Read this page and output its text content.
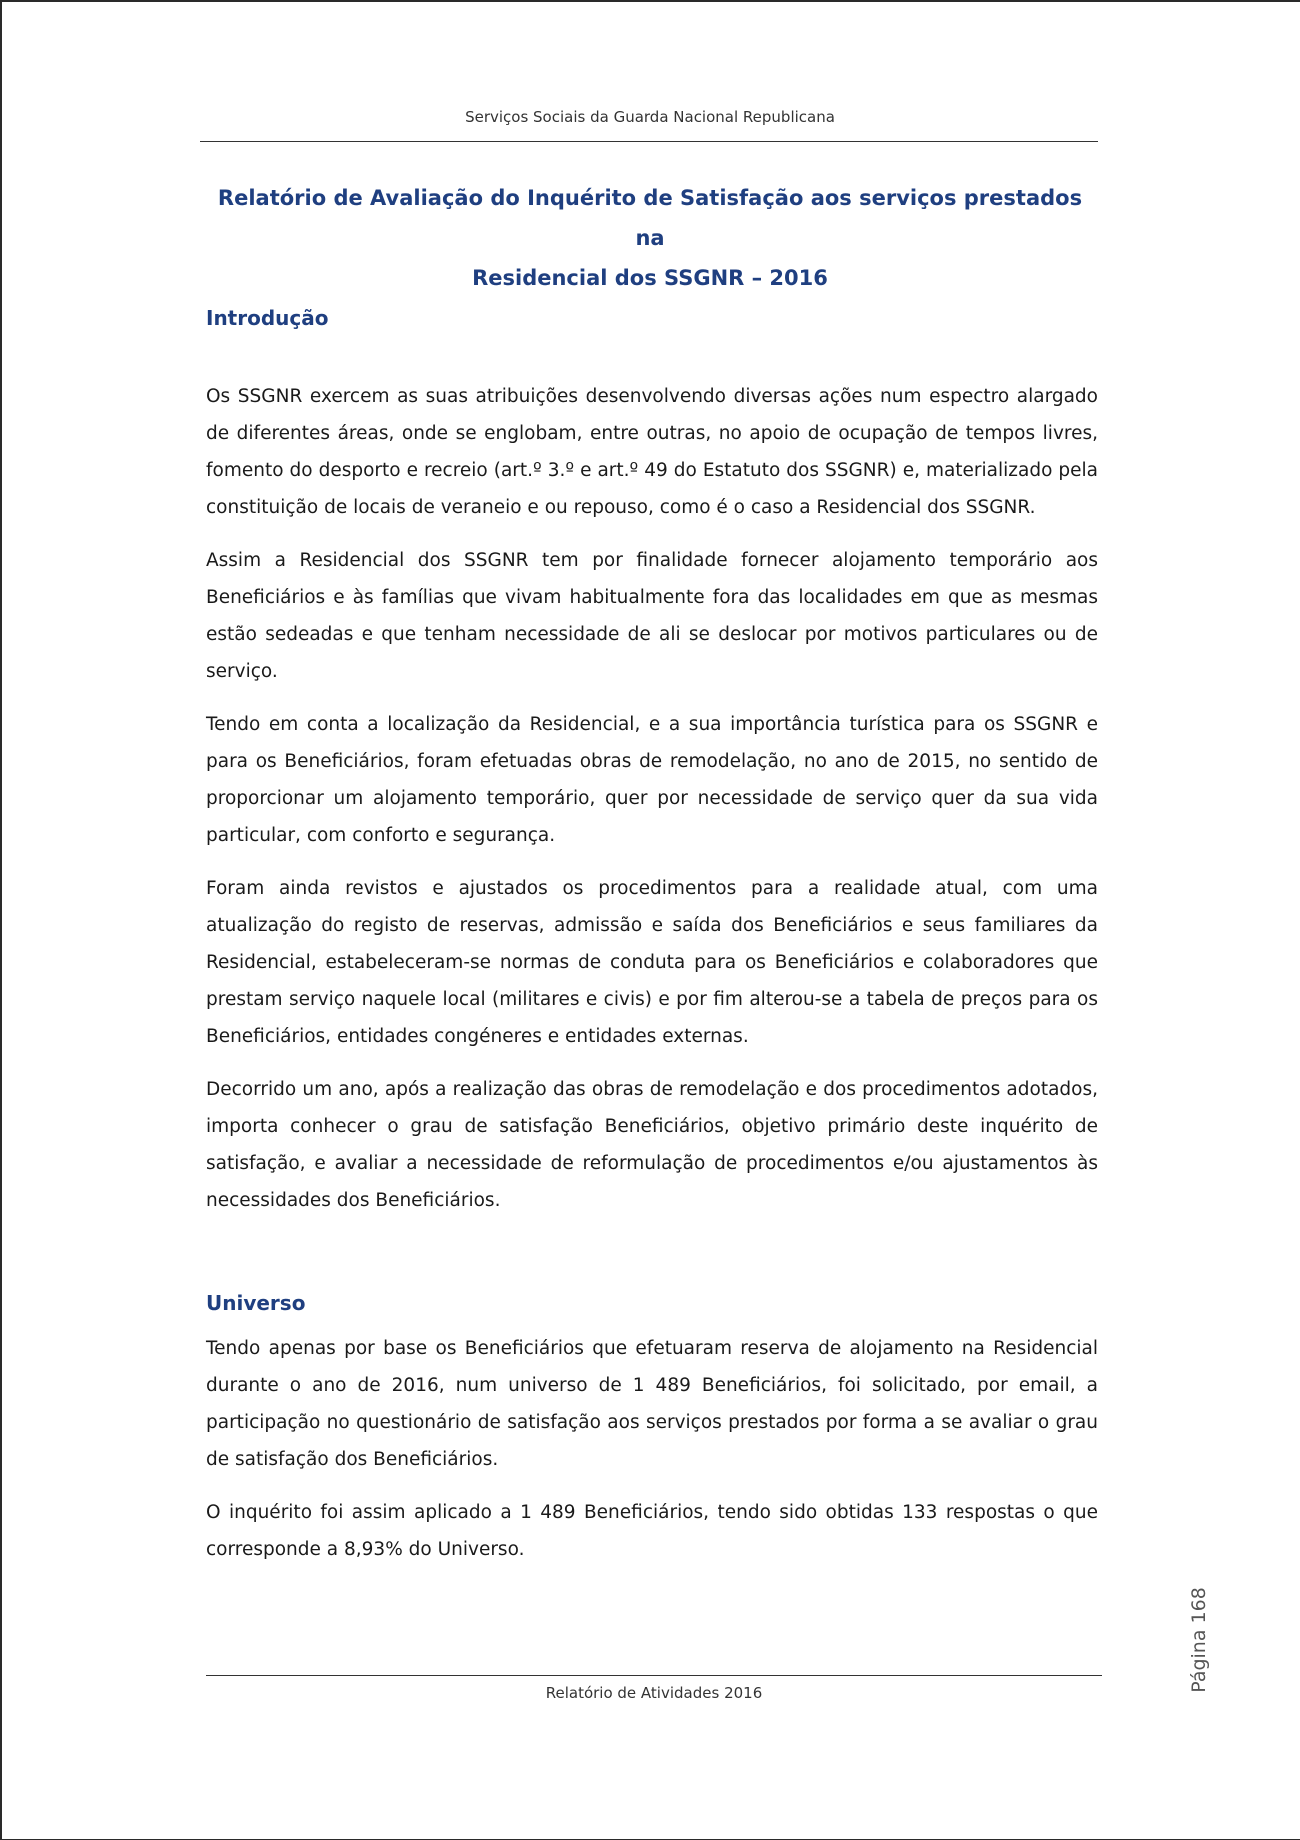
Serviços Sociais da Guarda Nacional Republicana
Relatório de Avaliação do Inquérito de Satisfação aos serviços prestados na
Residencial dos SSGNR – 2016
Introdução

Os SSGNR exercem as suas atribuições desenvolvendo diversas ações num espectro alargado de diferentes áreas, onde se englobam, entre outras, no apoio de ocupação de tempos livres, fomento do desporto e recreio (art.º 3.º e art.º 49 do Estatuto dos SSGNR) e, materializado pela constituição de locais de veraneio e ou repouso, como é o caso a Residencial dos SSGNR.

Assim a Residencial dos SSGNR tem por finalidade fornecer alojamento temporário aos Beneficiários e às famílias que vivam habitualmente fora das localidades em que as mesmas estão sedeadas e que tenham necessidade de ali se deslocar por motivos particulares ou de serviço.

Tendo em conta a localização da Residencial, e a sua importância turística para os SSGNR e para os Beneficiários, foram efetuadas obras de remodelação, no ano de 2015, no sentido de proporcionar um alojamento temporário, quer por necessidade de serviço quer da sua vida particular, com conforto e segurança.

Foram ainda revistos e ajustados os procedimentos para a realidade atual, com uma atualização do registo de reservas, admissão e saída dos Beneficiários e seus familiares da Residencial, estabeleceram-se normas de conduta para os Beneficiários e colaboradores que prestam serviço naquele local (militares e civis) e por fim alterou-se a tabela de preços para os Beneficiários, entidades congéneres e entidades externas.

Decorrido um ano, após a realização das obras de remodelação e dos procedimentos adotados, importa conhecer o grau de satisfação Beneficiários, objetivo primário deste inquérito de satisfação, e avaliar a necessidade de reformulação de procedimentos e/ou ajustamentos às necessidades dos Beneficiários.

Universo

Tendo apenas por base os Beneficiários que efetuaram reserva de alojamento na Residencial durante o ano de 2016, num universo de 1 489 Beneficiários, foi solicitado, por email, a participação no questionário de satisfação aos serviços prestados por forma a se avaliar o grau de satisfação dos Beneficiários.

O inquérito foi assim aplicado a 1 489 Beneficiários, tendo sido obtidas 133 respostas o que corresponde a 8,93% do Universo.

Página 168
Relatório de Atividades 2016
